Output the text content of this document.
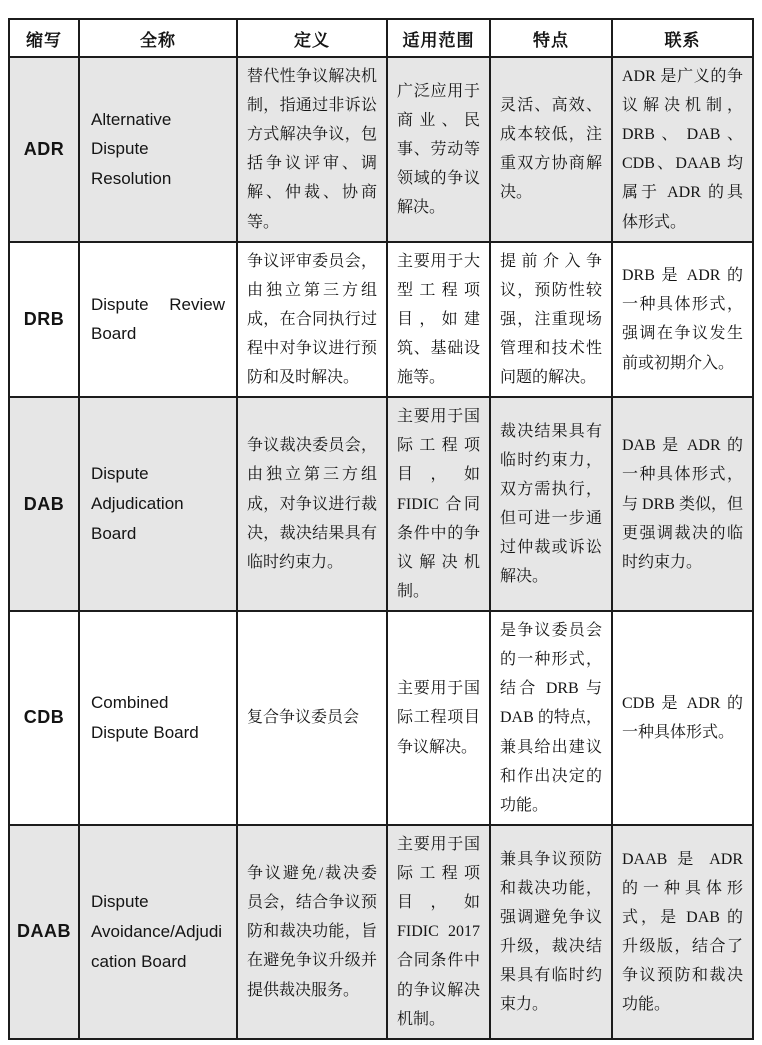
缩写	全称	定义	适用范围	特点	联系
ADR	Alternative Dispute Resolution	替代性争议解决机制，指通过非诉讼方式解决争议，包括争议评审、调解、仲裁、协商等。	广泛应用于商业、民事、劳动等领域的争议解决。	灵活、高效、成本较低，注重双方协商解决。	ADR 是广义的争议解决机制，DRB 、 DAB 、CDB、DAAB 均属于 ADR 的具体形式。
DRB	Dispute Review Board	争议评审委员会，由独立第三方组成，在合同执行过程中对争议进行预防和及时解决。	主要用于大型工程项目，如建筑、基础设施等。	提前介入争议，预防性较强，注重现场管理和技术性问题的解决。	DRB 是 ADR 的一种具体形式，强调在争议发生前或初期介入。
DAB	Dispute Adjudication Board	争议裁决委员会，由独立第三方组成，对争议进行裁决，裁决结果具有临时约束力。	主要用于国际工程项目，如 FIDIC 合同条件中的争议解决机制。	裁决结果具有临时约束力，双方需执行，但可进一步通过仲裁或诉讼解决。	DAB 是 ADR 的一种具体形式，与 DRB 类似，但更强调裁决的临时约束力。
CDB	Combined Dispute Board	复合争议委员会	主要用于国际工程项目争议解决。	是争议委员会的一种形式，结合 DRB 与 DAB 的特点，兼具给出建议和作出决定的功能。	CDB 是 ADR 的一种具体形式。
DAAB	Dispute Avoidance/Adjudication Board	争议避免/裁决委员会，结合争议预防和裁决功能，旨在避免争议升级并提供裁决服务。	主要用于国际工程项目，如 FIDIC 2017 合同条件中的争议解决机制。	兼具争议预防和裁决功能，强调避免争议升级，裁决结果具有临时约束力。	DAAB 是 ADR 的一种具体形式，是 DAB 的升级版，结合了争议预防和裁决功能。
